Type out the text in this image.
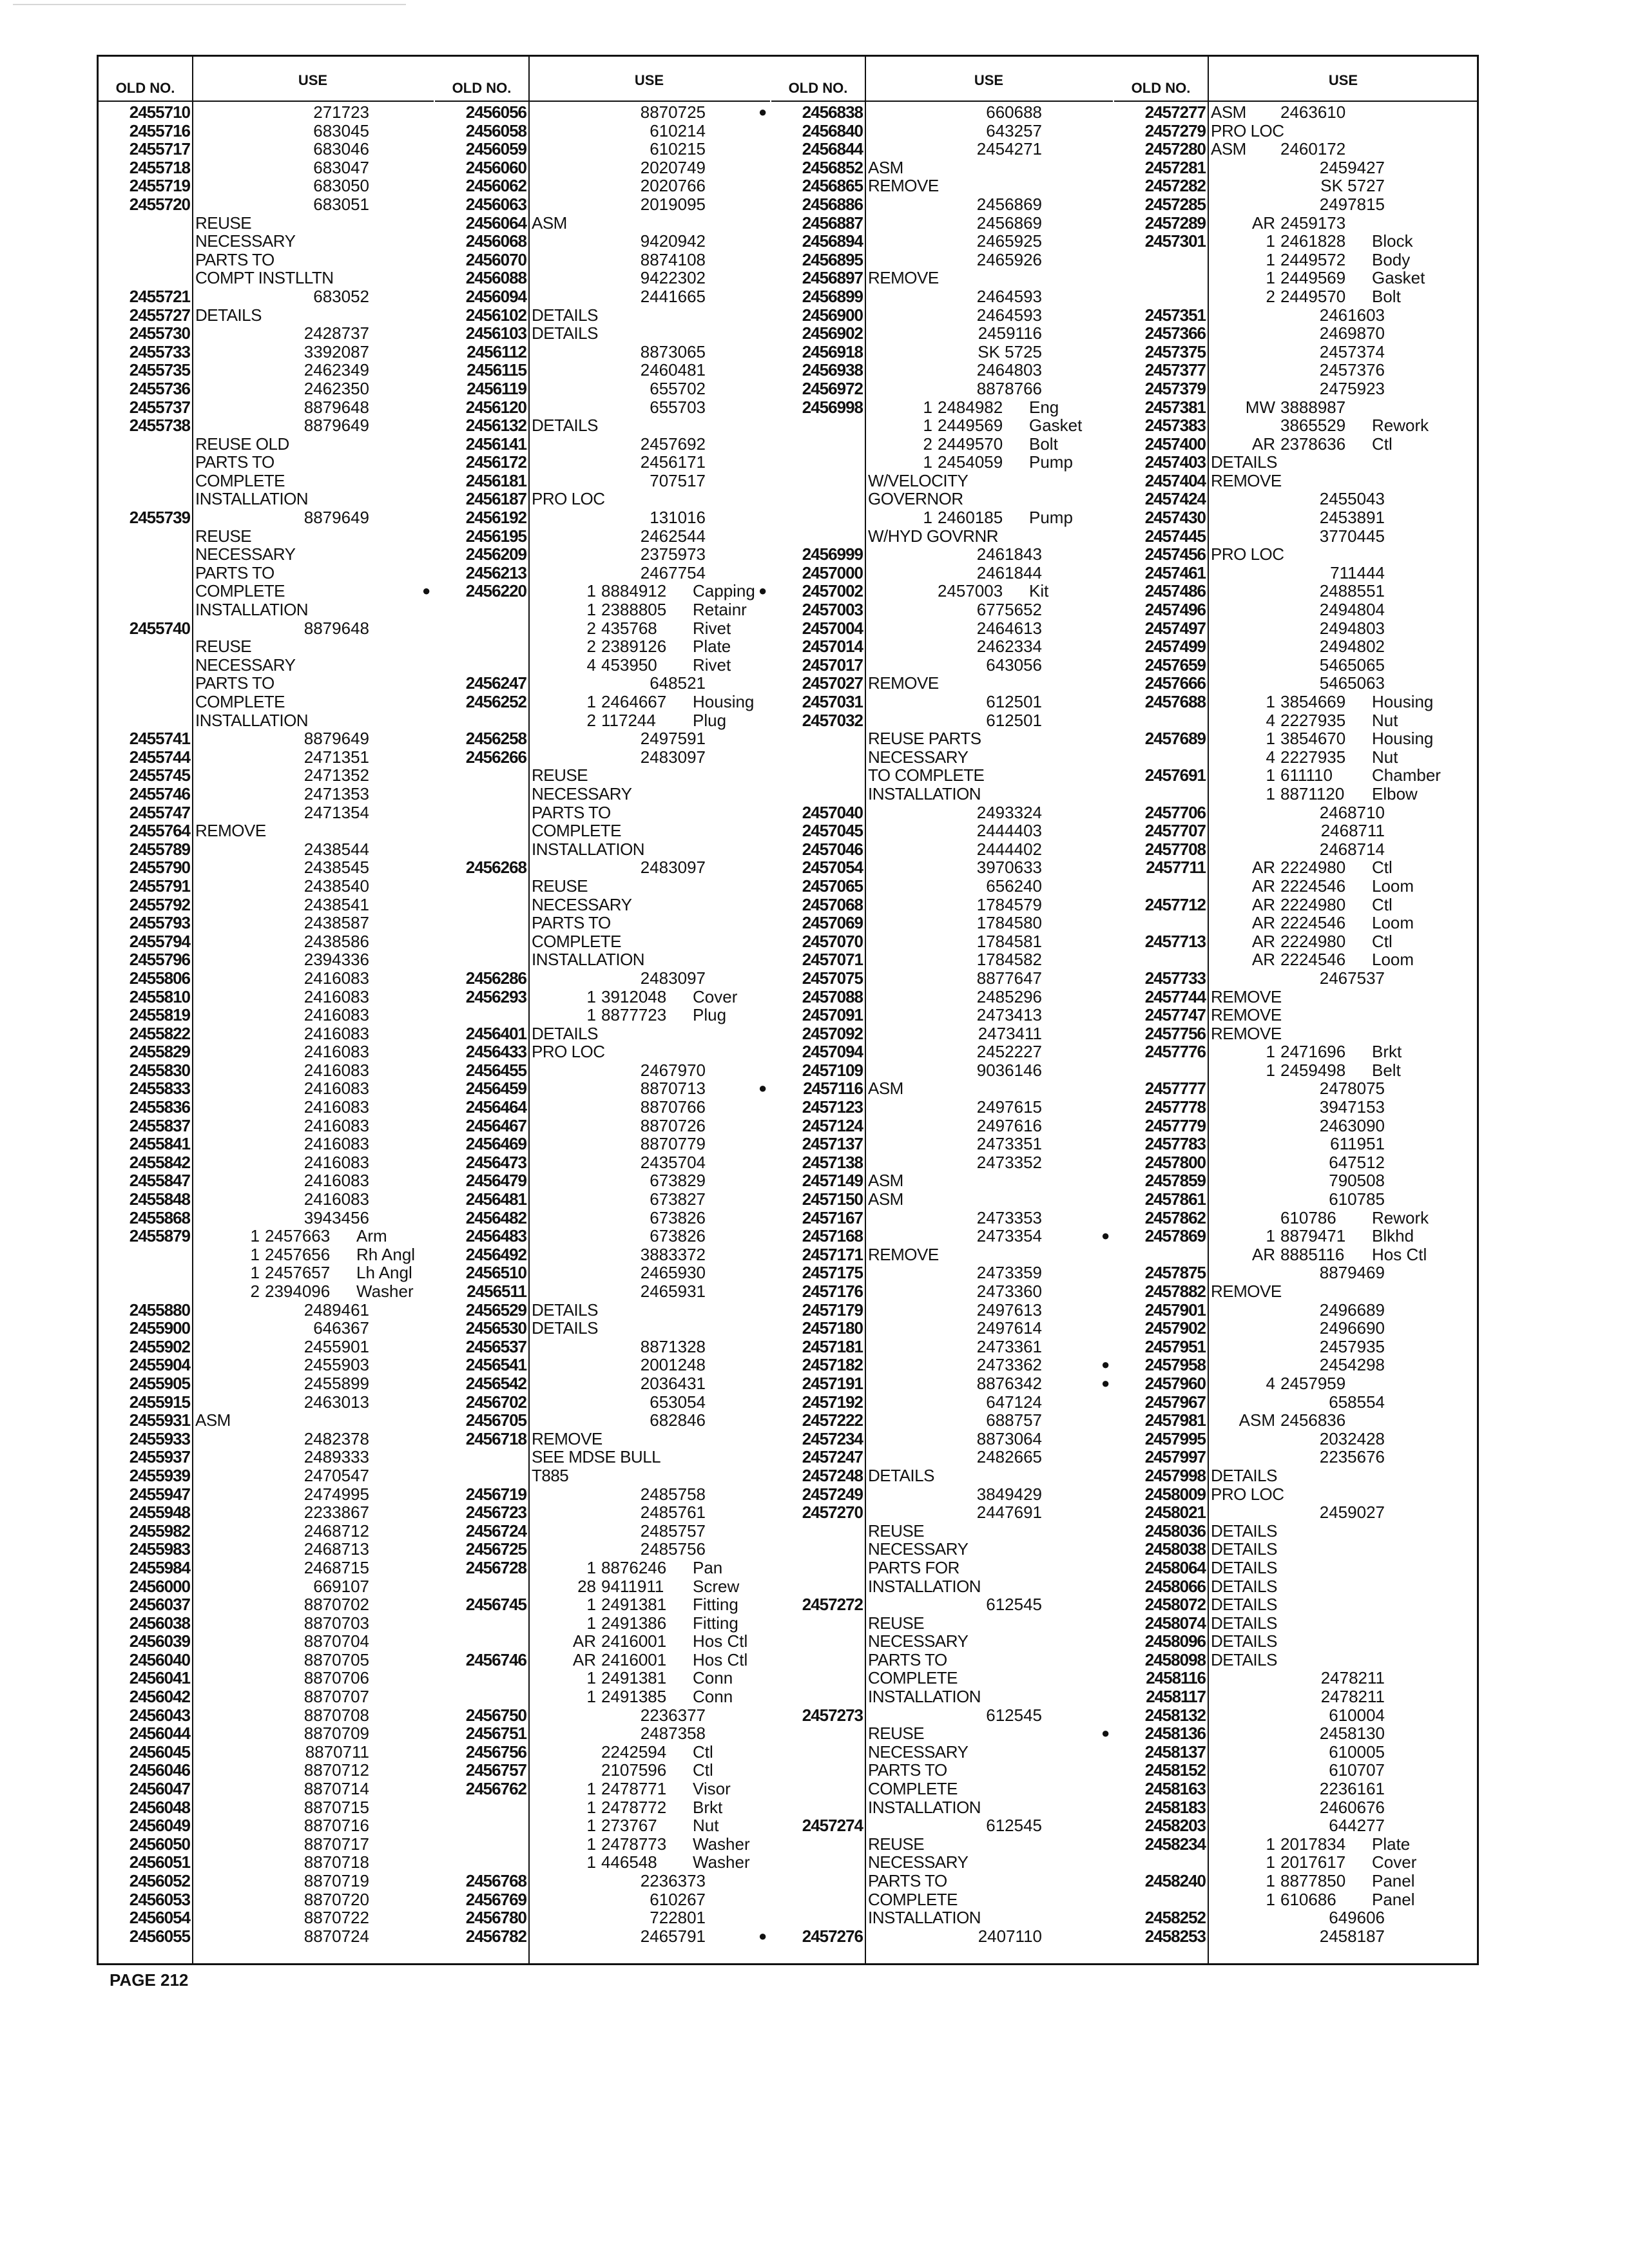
OLD NO.	USE
2455710	271723
2455716	683045
2455717	683046
2455718	683047
2455719	683050
2455720	683051
REUSE
NECESSARY
PARTS TO
COMPT INSTLLTN
2455721	683052
2455727 DETAILS
2455730	2428737
2455733	3392087
2455735	2462349
2455736	2462350
2455737	8879648
2455738	8879649
REUSE OLD
PARTS TO
COMPLETE
INSTALLATION
2455739	8879649
REUSE
NECESSARY
PARTS TO
COMPLETE
INSTALLATION
2455740	8879648
REUSE
NECESSARY
PARTS TO
COMPLETE
INSTALLATION
2455741	8879649
2455744	2471351
2455745	2471352
2455746	2471353
2455747	2471354
2455764 REMOVE
2455789	2438544
2455790	2438545
2455791	2438540
2455792	2438541
2455793	2438587
2455794	2438586
2455796	2394336
2455806	2416083
2455810	2416083
2455819	2416083
2455822	2416083
2455829	2416083
2455830	2416083
2455833	2416083
2455836	2416083
2455837	2416083
2455841	2416083
2455842	2416083
2455847	2416083
2455848	2416083
2455868	3943456
2455879	1 2457663	Arm
1 2457656	Rh Angl
1 2457657	Lh Angl
2 2394096	Washer
2455880	2489461
2455900	646367
2455902	2455901
2455904	2455903
2455905	2455899
2455915	2463013
2455931 ASM
2455933	2482378
2455937	2489333
2455939	2470547
2455947	2474995
2455948	2233867
2455982	2468712
2455983	2468713
2455984	2468715
2456000	669107
2456037	8870702
2456038	8870703
2456039	8870704
2456040	8870705
2456041	8870706
2456042	8870707
2456043	8870708
2456044	8870709
2456045	8870711
2456046	8870712
2456047	8870714
2456048	8870715
2456049	8870716
2456050	8870717
2456051	8870718
2456052	8870719
2456053	8870720
2456054	8870722
2456055	8870724
OLD NO.	USE
2456056	8870725
2456058	610214
2456059	610215
2456060	2020749
2456062	2020766
2456063	2019095
2456064 ASM
2456068	9420942
2456070	8874108
2456088	9422302
2456094	2441665
2456102 DETAILS
2456103 DETAILS
2456112	8873065
2456115	2460481
2456119	655702
2456120	655703
2456132 DETAILS
2456141	2457692
2456172	2456171
2456181	707517
2456187 PRO LOC
2456192	131016
2456195	2462544
2456209	2375973
2456213	2467754
●	2456220	1 8884912	Capping
1 2388805	Retainr
2 435768	Rivet
2 2389126	Plate
4 453950	Rivet
2456247	648521
2456252	1 2464667	Housing
2 117244	Plug
2456258	2497591
2456266	2483097
REUSE
NECESSARY
PARTS TO
COMPLETE
INSTALLATION
2456268	2483097
REUSE
NECESSARY
PARTS TO
COMPLETE
INSTALLATION
2456286	2483097
2456293	1 3912048	Cover
1 8877723	Plug
2456401 DETAILS
2456433 PRO LOC
2456455	2467970
2456459	8870713
2456464	8870766
2456467	8870726
2456469	8870779
2456473	2435704
2456479	673829
2456481	673827
2456482	673826
2456483	673826
2456492	3883372
2456510	2465930
2456511	2465931
2456529 DETAILS
2456530 DETAILS
2456537	8871328
2456541	2001248
2456542	2036431
2456702	653054
2456705	682846
2456718 REMOVE
SEE MDSE BULL
T885
2456719	2485758
2456723	2485761
2456724	2485757
2456725	2485756
2456728	1 8876246	Pan
28 9411911	Screw
2456745	1 2491381	Fitting
1 2491386	Fitting
AR 2416001	Hos Ctl
2456746	AR 2416001	Hos Ctl
1 2491381	Conn
1 2491385	Conn
2456750	2236377
2456751	2487358
2456756	2242594	Ctl
2456757	2107596	Ctl
2456762	1 2478771	Visor
1 2478772	Brkt
1 273767	Nut
1 2478773	Washer
1 446548	Washer
2456768	2236373
2456769	610267
2456780	722801
2456782	2465791
OLD NO.	USE
●	2456838	660688
2456840	643257
2456844	2454271
2456852 ASM
2456865 REMOVE
2456886	2456869
2456887	2456869
2456894	2465925
2456895	2465926
2456897 REMOVE
2456899	2464593
2456900	2464593
2456902	2459116
2456918	SK 5725
2456938	2464803
2456972	8878766
2456998	1 2484982	Eng
1 2449569	Gasket
2 2449570	Bolt
1 2454059	Pump
W/VELOCITY
GOVERNOR
1 2460185	Pump
W/HYD GOVRNR
2456999	2461843
2457000	2461844
●	2457002	2457003	Kit
2457003	6775652
2457004	2464613
2457014	2462334
2457017	643056
2457027 REMOVE
2457031	612501
2457032	612501
REUSE PARTS
NECESSARY
TO COMPLETE
INSTALLATION
2457040	2493324
2457045	2444403
2457046	2444402
2457054	3970633
2457065	656240
2457068	1784579
2457069	1784580
2457070	1784581
2457071	1784582
2457075	8877647
2457088	2485296
2457091	2473413
2457092	2473411
2457094	2452227
2457109	9036146
●	2457116 ASM
2457123	2497615
2457124	2497616
2457137	2473351
2457138	2473352
2457149 ASM
2457150 ASM
2457167	2473353
2457168	2473354
2457171 REMOVE
2457175	2473359
2457176	2473360
2457179	2497613
2457180	2497614
2457181	2473361
2457182	2473362
2457191	8876342
2457192	647124
2457222	688757
2457234	8873064
2457247	2482665
2457248 DETAILS
2457249	3849429
2457270	2447691
REUSE
NECESSARY
PARTS FOR
INSTALLATION
2457272	612545
REUSE
NECESSARY
PARTS TO
COMPLETE
INSTALLATION
2457273	612545
REUSE
NECESSARY
PARTS TO
COMPLETE
INSTALLATION
2457274	612545
REUSE
NECESSARY
PARTS TO
COMPLETE
INSTALLATION
●	2457276	2407110
OLD NO.	USE
2457277 ASM 2463610
2457279 PRO LOC
2457280 ASM 2460172
2457281	2459427
2457282	SK 5727
2457285	2497815
2457289	AR 2459173
2457301	1 2461828	Block
1 2449572	Body
1 2449569	Gasket
2 2449570	Bolt
2457351	2461603
2457366	2469870
2457375	2457374
2457377	2457376
2457379	2475923
2457381	MW 3888987
2457383	3865529	Rework
2457400	AR 2378636	Ctl
2457403 DETAILS
2457404 REMOVE
2457424	2455043
2457430	2453891
2457445	3770445
2457456 PRO LOC
2457461	711444
2457486	2488551
2457496	2494804
2457497	2494803
2457499	2494802
2457659	5465065
2457666	5465063
2457688	1 3854669	Housing
4 2227935	Nut
2457689	1 3854670	Housing
4 2227935	Nut
2457691	1 611110	Chamber
1 8871120	Elbow
2457706	2468710
2457707	2468711
2457708	2468714
2457711	AR 2224980	Ctl
AR 2224546	Loom
2457712	AR 2224980	Ctl
AR 2224546	Loom
2457713	AR 2224980	Ctl
AR 2224546	Loom
2457733	2467537
2457744 REMOVE
2457747 REMOVE
2457756 REMOVE
2457776	1 2471696	Brkt
1 2459498	Belt
2457777	2478075
2457778	3947153
2457779	2463090
2457783	611951
2457800	647512
2457859	790508
2457861	610785
2457862	610786	Rework
●	2457869	1 8879471	Blkhd
AR 8885116	Hos Ctl
2457875	8879469
2457882 REMOVE
2457901	2496689
2457902	2496690
2457951	2457935
●	2457958	2454298
●	2457960	4 2457959
2457967	658554
2457981	ASM 2456836
2457995	2032428
2457997	2235676
2457998 DETAILS
2458009 PRO LOC
2458021	2459027
2458036 DETAILS
2458038 DETAILS
2458064 DETAILS
2458066 DETAILS
2458072 DETAILS
2458074 DETAILS
2458096 DETAILS
2458098 DETAILS
2458116	2478211
2458117	2478211
2458132	610004
●	2458136	2458130
2458137	610005
2458152	610707
2458163	2236161
2458183	2460676
2458203	644277
2458234	1 2017834	Plate
1 2017617	Cover
2458240	1 8877850	Panel
1 610686	Panel
2458252	649606
2458253	2458187
PAGE 212
